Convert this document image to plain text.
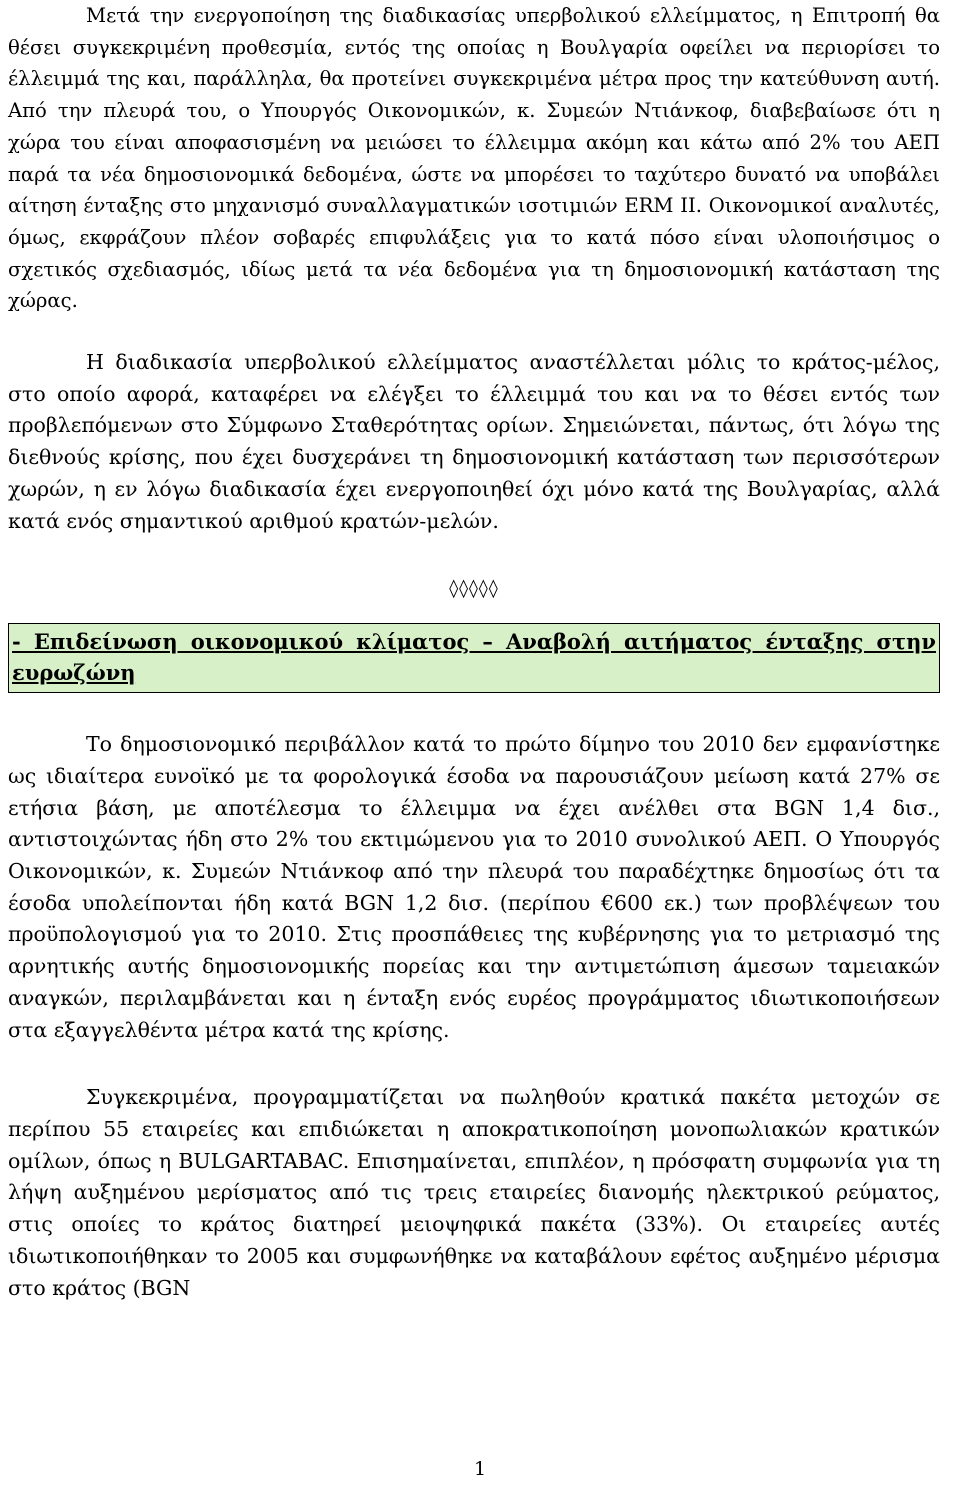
Μετά την ενεργοποίηση της διαδικασίας υπερβολικού ελλείμματος, η Επιτροπή θα θέσει συγκεκριμένη προθεσμία, εντός της οποίας η Βουλγαρία οφείλει να περιορίσει το έλλειμμά της και, παράλληλα, θα προτείνει συγκεκριμένα μέτρα προς την κατεύθυνση αυτή. Από την πλευρά του, ο Υπουργός Οικονομικών, κ. Συμεών Ντιάνκοφ, διαβεβαίωσε ότι η χώρα του είναι αποφασισμένη να μειώσει το έλλειμμα ακόμη και κάτω από 2% του ΑΕΠ παρά τα νέα δημοσιονομικά δεδομένα, ώστε να μπορέσει το ταχύτερο δυνατό να υποβάλει αίτηση ένταξης στο μηχανισμό συναλλαγματικών ισοτιμιών ERM II. Οικονομικοί αναλυτές, όμως, εκφράζουν πλέον σοβαρές επιφυλάξεις για το κατά πόσο είναι υλοποιήσιμος ο σχετικός σχεδιασμός, ιδίως μετά τα νέα δεδομένα για τη δημοσιονομική κατάσταση της χώρας.

Η διαδικασία υπερβολικού ελλείμματος αναστέλλεται μόλις το κράτος-μέλος, στο οποίο αφορά, καταφέρει να ελέγξει το έλλειμμά του και να το θέσει εντός των προβλεπόμενων στο Σύμφωνο Σταθερότητας ορίων. Σημειώνεται, πάντως, ότι λόγω της διεθνούς κρίσης, που έχει δυσχεράνει τη δημοσιονομική κατάσταση των περισσότερων χωρών, η εν λόγω διαδικασία έχει ενεργοποιηθεί όχι μόνο κατά της Βουλγαρίας, αλλά κατά ενός σημαντικού αριθμού κρατών-μελών.

◊◊◊◊◊
- Επιδείνωση οικονομικού κλίματος – Αναβολή αιτήματος ένταξης στην ευρωζώνη

Το δημοσιονομικό περιβάλλον κατά το πρώτο δίμηνο του 2010 δεν εμφανίστηκε ως ιδιαίτερα ευνοϊκό με τα φορολογικά έσοδα να παρουσιάζουν μείωση κατά 27% σε ετήσια βάση, με αποτέλεσμα το έλλειμμα να έχει ανέλθει στα BGN 1,4 δισ., αντιστοιχώντας ήδη στο 2% του εκτιμώμενου για το 2010 συνολικού ΑΕΠ. Ο Υπουργός Οικονομικών, κ. Συμεών Ντιάνκοφ από την πλευρά του παραδέχτηκε δημοσίως ότι τα έσοδα υπολείπονται ήδη κατά BGN 1,2 δισ. (περίπου €600 εκ.) των προβλέψεων του προϋπολογισμού για το 2010. Στις προσπάθειες της κυβέρνησης για το μετριασμό της αρνητικής αυτής δημοσιονομικής πορείας και την αντιμετώπιση άμεσων ταμειακών αναγκών, περιλαμβάνεται και η ένταξη ενός ευρέος προγράμματος ιδιωτικοποιήσεων στα εξαγγελθέντα μέτρα κατά της κρίσης.

Συγκεκριμένα, προγραμματίζεται να πωληθούν κρατικά πακέτα μετοχών σε περίπου 55 εταιρείες και επιδιώκεται η αποκρατικοποίηση μονοπωλιακών κρατικών ομίλων, όπως η BULGARTABAC. Επισημαίνεται, επιπλέον, η πρόσφατη συμφωνία για τη λήψη αυξημένου μερίσματος από τις τρεις εταιρείες διανομής ηλεκτρικού ρεύματος, στις οποίες το κράτος διατηρεί μειοψηφικά πακέτα (33%). Οι εταιρείες αυτές ιδιωτικοποιήθηκαν το 2005 και συμφωνήθηκε να καταβάλουν εφέτος αυξημένο μέρισμα στο κράτος (BGN

1
